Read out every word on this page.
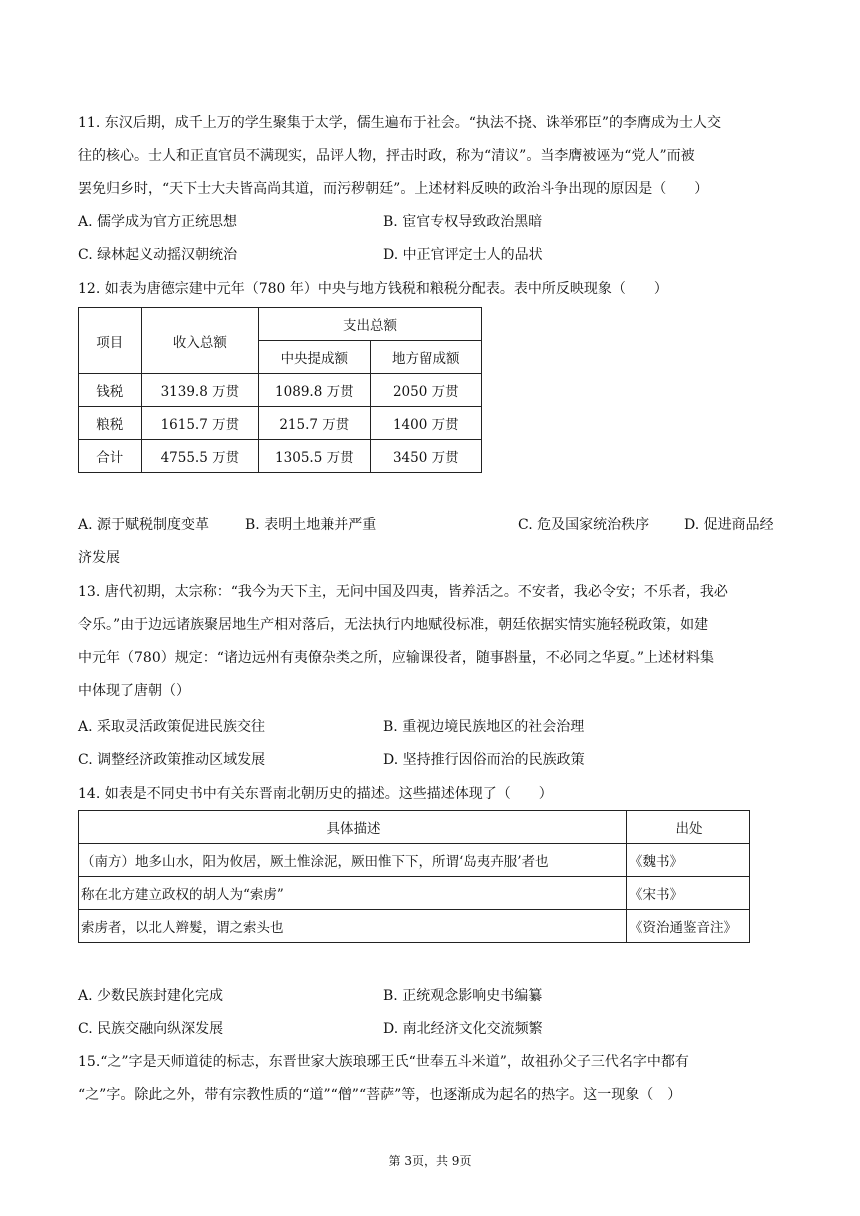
11. 东汉后期，成千上万的学生聚集于太学，儒生遍布于社会。“执法不挠、诛举邪臣”的李膺成为士人交
往的核心。士人和正直官员不满现实，品评人物，抨击时政，称为“清议”。当李膺被诬为“党人”而被
罢免归乡时，“天下士大夫皆高尚其道，而污秽朝廷”。上述材料反映的政治斗争出现的原因是（　　）
A. 儒学成为官方正统思想	B. 宦官专权导致政治黑暗
C. 绿林起义动摇汉朝统治	D. 中正官评定士人的品状
12. 如表为唐德宗建中元年（780 年）中央与地方钱税和粮税分配表。表中所反映现象（　　）
项目	收入总额	支出总额	
		中央提成额	地方留成额
钱税	3139.8 万贯	1089.8 万贯	2050 万贯
粮税	1615.7 万贯	215.7 万贯	1400 万贯
合计	4755.5 万贯	1305.5 万贯	3450 万贯
A. 源于赋税制度变革	B. 表明土地兼并严重	C. 危及国家统治秩序 D. 促进商品经
济发展
13. 唐代初期，太宗称：“我今为天下主，无问中国及四夷，皆养活之。不安者，我必令安；不乐者，我必
令乐。”由于边远诸族聚居地生产相对落后，无法执行内地赋役标准，朝廷依据实情实施轻税政策，如建
中元年（780）规定：“诸边远州有夷僚杂类之所，应输课役者，随事斟量，不必同之华夏。”上述材料集
中体现了唐朝（）
A. 采取灵活政策促进民族交往	B. 重视边境民族地区的社会治理
C. 调整经济政策推动区域发展	D. 坚持推行因俗而治的民族政策
14. 如表是不同史书中有关东晋南北朝历史的描述。这些描述体现了（　　）
具体描述	出处
（南方）地多山水，阳为攸居，厥土惟涂泥，厥田惟下下，所谓‘岛夷卉服’者也	《魏书》
称在北方建立政权的胡人为“索虏”	《宋书》
索虏者，以北人辫髮，谓之索头也	《资治通鉴音注》
A. 少数民族封建化完成	B. 正统观念影响史书编纂
C. 民族交融向纵深发展	D. 南北经济文化交流频繁
15.“之”字是天师道徒的标志，东晋世家大族琅琊王氏“世奉五斗米道”，故祖孙父子三代名字中都有
“之”字。除此之外，带有宗教性质的“道”“僧”“菩萨”等，也逐渐成为起名的热字。这一现象（　）
第 3页，共 9页
